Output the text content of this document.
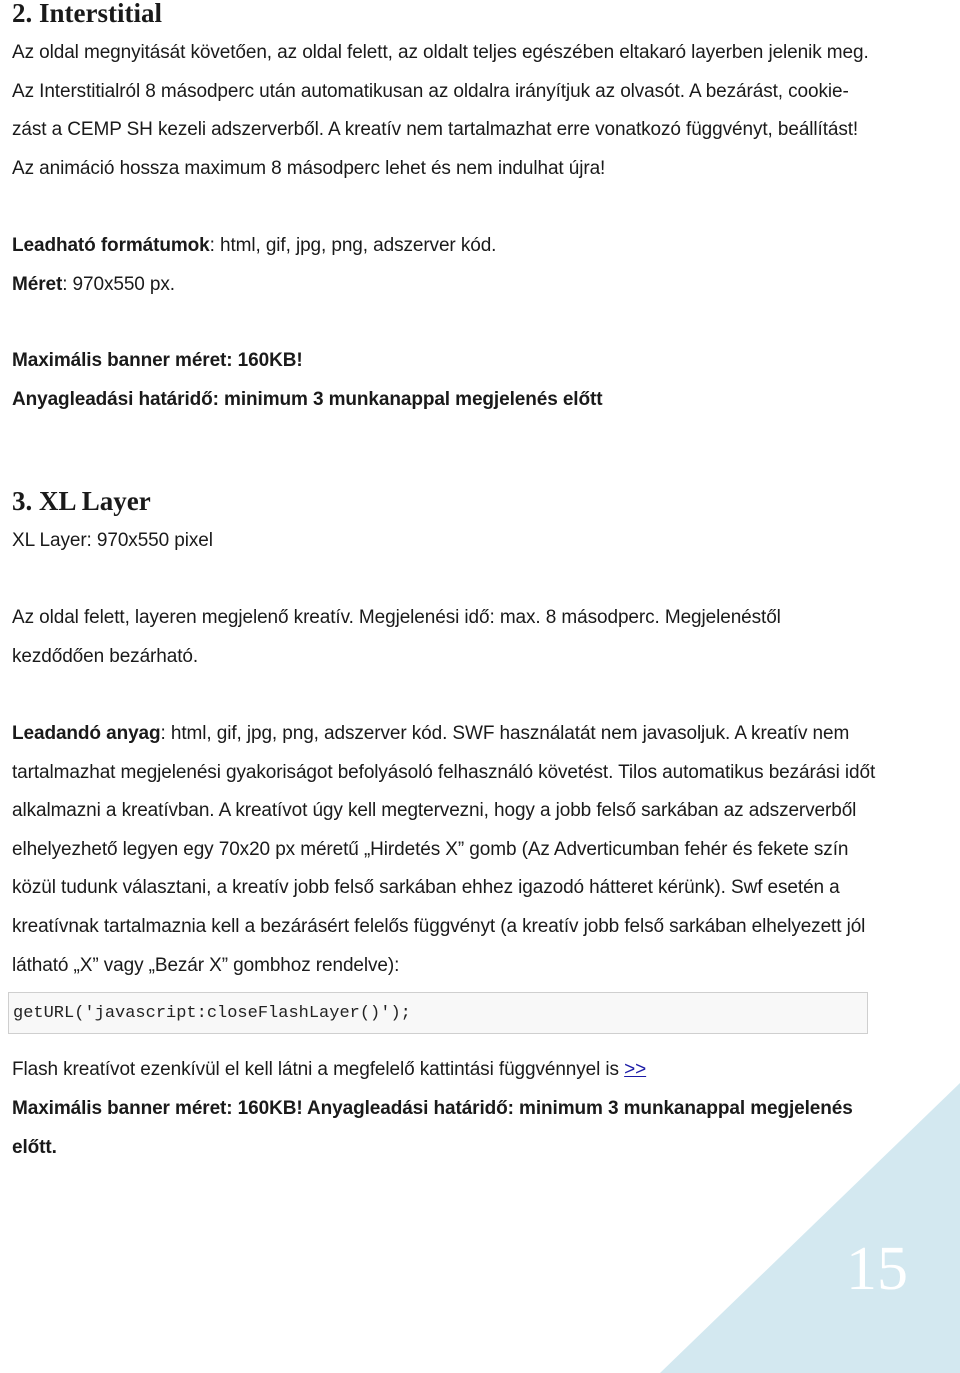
2. Interstitial
Az oldal megnyitását követően, az oldal felett, az oldalt teljes egészében eltakaró layerben jelenik meg. Az Interstitialról 8 másodperc után automatikusan az oldalra irányítjuk az olvasót. A bezárást, cookie-zást a CEMP SH kezeli adszerverből. A kreatív nem tartalmazhat erre vonatkozó függvényt, beállítást! Az animáció hossza maximum 8 másodperc lehet és nem indulhat újra!
Leadható formátumok: html, gif, jpg, png, adszerver kód.
Méret: 970x550 px.
Maximális banner méret: 160KB!
Anyagleadási határidő: minimum 3 munkanappal megjelenés előtt
3. XL Layer
XL Layer: 970x550 pixel
Az oldal felett, layeren megjelenő kreatív. Megjelenési idő: max. 8 másodperc. Megjelenéstől kezdődően bezárható.
Leadandó anyag: html, gif, jpg, png, adszerver kód. SWF használatát nem javasoljuk. A kreatív nem tartalmazhat megjelenési gyakoriságot befolyásoló felhasználó követést. Tilos automatikus bezárási időt alkalmazni a kreatívban. A kreatívot úgy kell megtervezni, hogy a jobb felső sarkában az adszerverből elhelyezhető legyen egy 70x20 px méretű „Hirdetés X” gomb (Az Adverticumban fehér és fekete szín közül tudunk választani, a kreatív jobb felső sarkában ehhez igazodó hátteret kérünk). Swf esetén a kreatívnak tartalmaznia kell a bezárásért felelős függvényt (a kreatív jobb felső sarkában elhelyezett jól látható „X” vagy „Bezár X” gombhoz rendelve):
getURL('javascript:closeFlashLayer()');
Flash kreatívot ezenkívül el kell látni a megfelelő kattintási függvénnyel is >>
Maximális banner méret: 160KB! Anyagleadási határidő: minimum 3 munkanappal megjelenés előtt.
15
